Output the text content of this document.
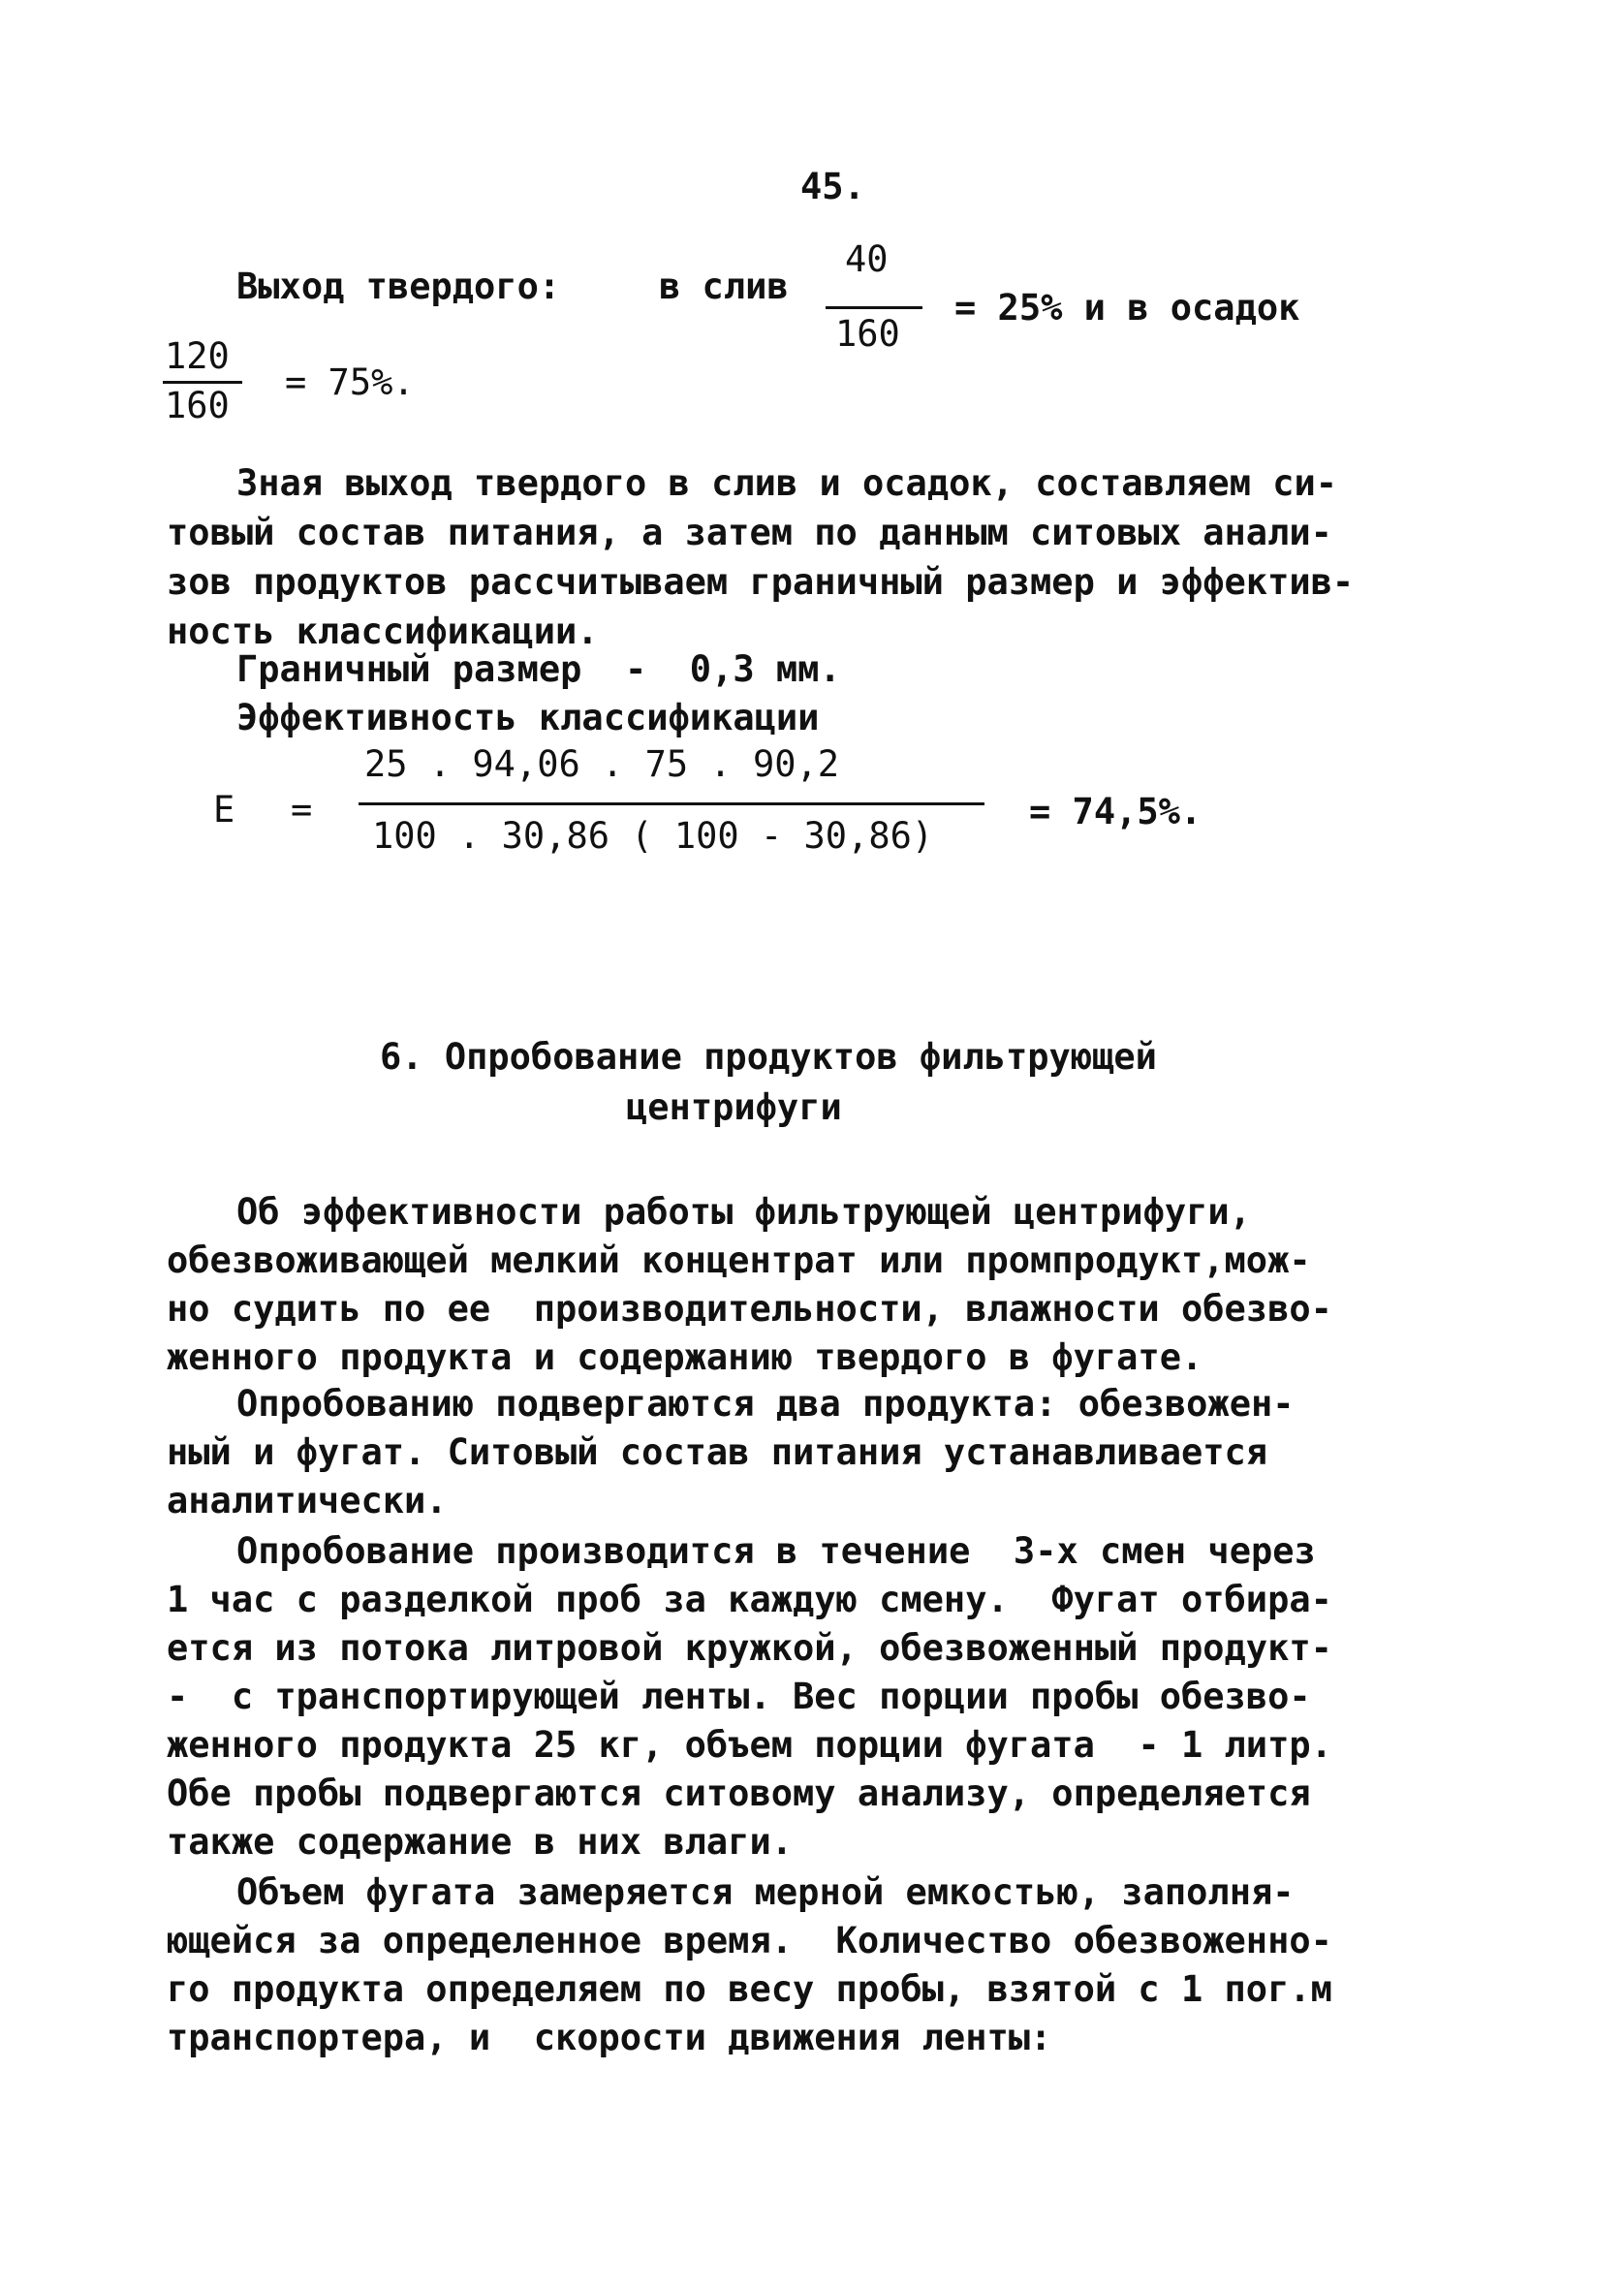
45.
Выход твердого:	в слив
40
160
= 25% и в осадок
120
160
= 75%.
Зная выход твердого в слив и осадок, составляем си-
товый состав питания, а затем по данным ситовых анали-
зов продуктов рассчитываем граничный размер и эффектив-
ность классификации.
Граничный размер  -  0,3 мм.
Эффективность классификации
25 . 94,06 . 75 . 90,2
E =
100 . 30,86 ( 100 - 30,86)
= 74,5%.
6. Опробование продуктов фильтрующей
центрифуги
Об эффективности работы фильтрующей центрифуги,
обезвоживающей мелкий концентрат или промпродукт,мож-
но судить по ее  производительности, влажности обезво-
женного продукта и содержанию твердого в фугате.
Опробованию подвергаются два продукта: обезвожен-
ный и фугат. Ситовый состав питания устанавливается
аналитически.
Опробование производится в течение  3-х смен через
1 час с разделкой проб за каждую смену.  Фугат отбира-
ется из потока литровой кружкой, обезвоженный продукт-
-  с транспортирующей ленты. Вес порции пробы обезво-
женного продукта 25 кг, объем порции фугата  - 1 литр.
Обе пробы подвергаются ситовому анализу, определяется
также содержание в них влаги.
Объем фугата замеряется мерной емкостью, заполня-
ющейся за определенное время.  Количество обезвоженно-
го продукта определяем по весу пробы, взятой с 1 пог.м
транспортера, и  скорости движения ленты:
